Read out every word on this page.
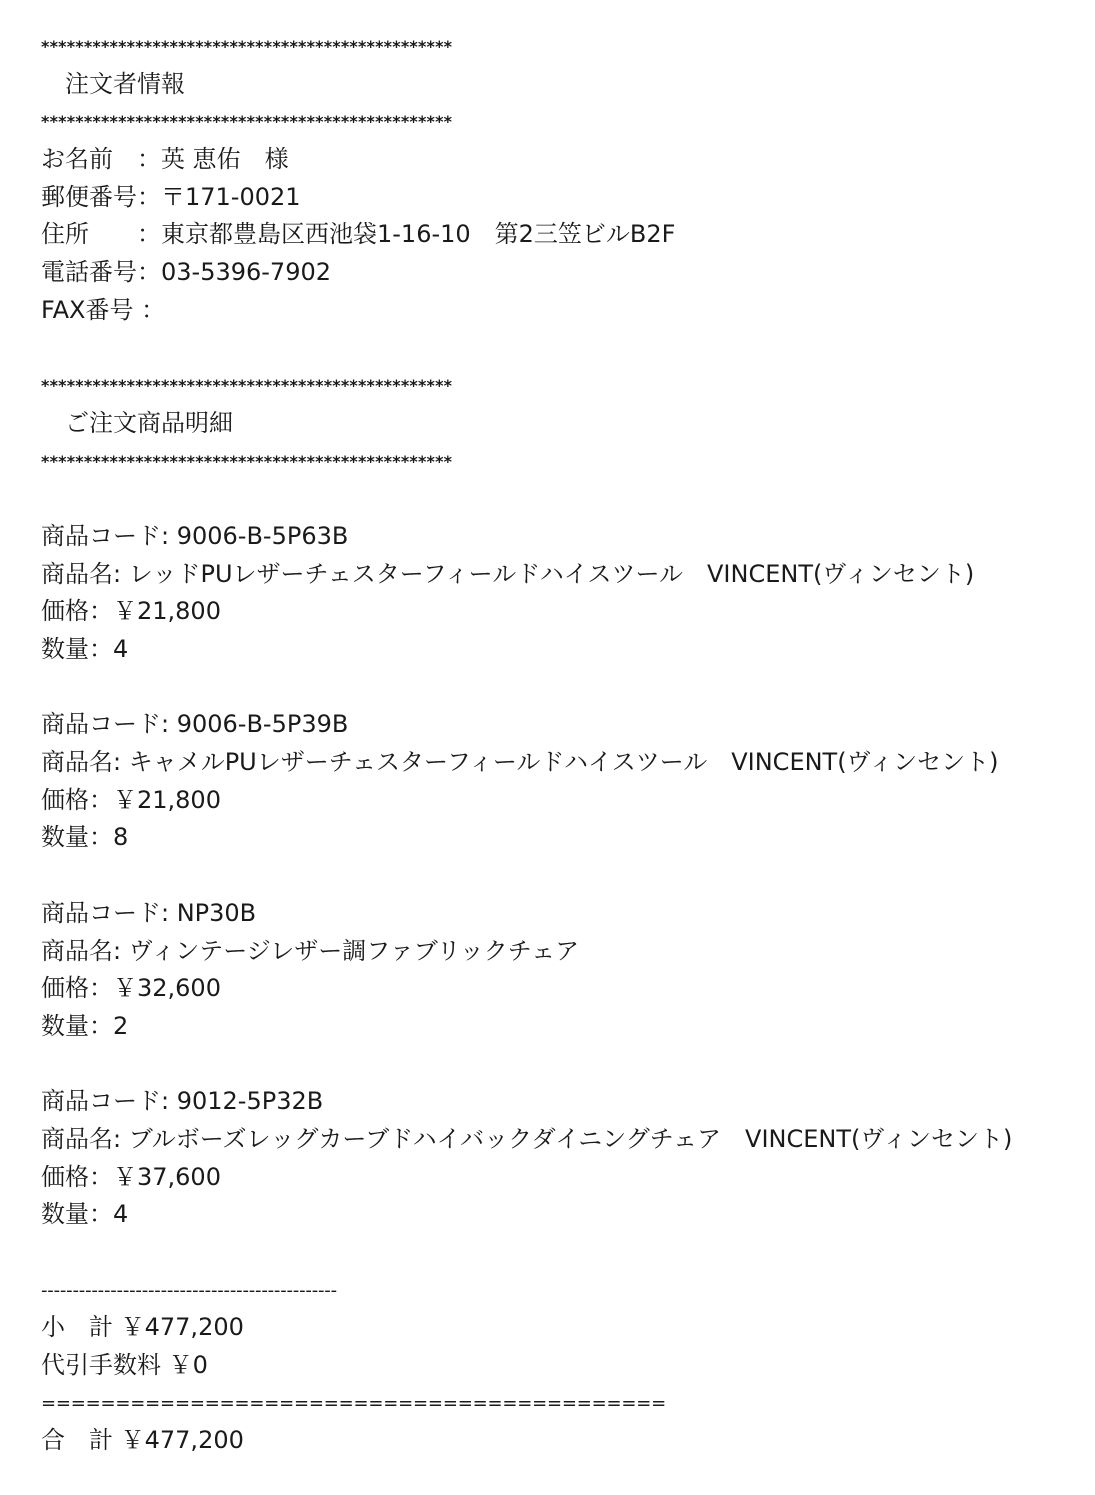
************************************************
注文者情報
************************************************
お名前　：英 恵佑　様
郵便番号：〒171-0021
住所　　：東京都豊島区西池袋1-16-10　第2三笠ビルB2F
電話番号：03-5396-7902
FAX番号 ：
************************************************
ご注文商品明細
************************************************
商品コード: 9006-B-5P63B
商品名: レッドPUレザーチェスターフィールドハイスツール　VINCENT(ヴィンセント)
価格：￥21,800
数量：4
商品コード: 9006-B-5P39B
商品名: キャメルPUレザーチェスターフィールドハイスツール　VINCENT(ヴィンセント)
価格：￥21,800
数量：8
商品コード: NP30B
商品名: ヴィンテージレザー調ファブリックチェア
価格：￥32,600
数量：2
商品コード: 9012-5P32B
商品名: ブルボーズレッグカーブドハイバックダイニングチェア　VINCENT(ヴィンセント)
価格：￥37,600
数量：4
-----------------------------------------------
小　計 ￥477,200
代引手数料 ￥0
==========================================
合　計 ￥477,200
